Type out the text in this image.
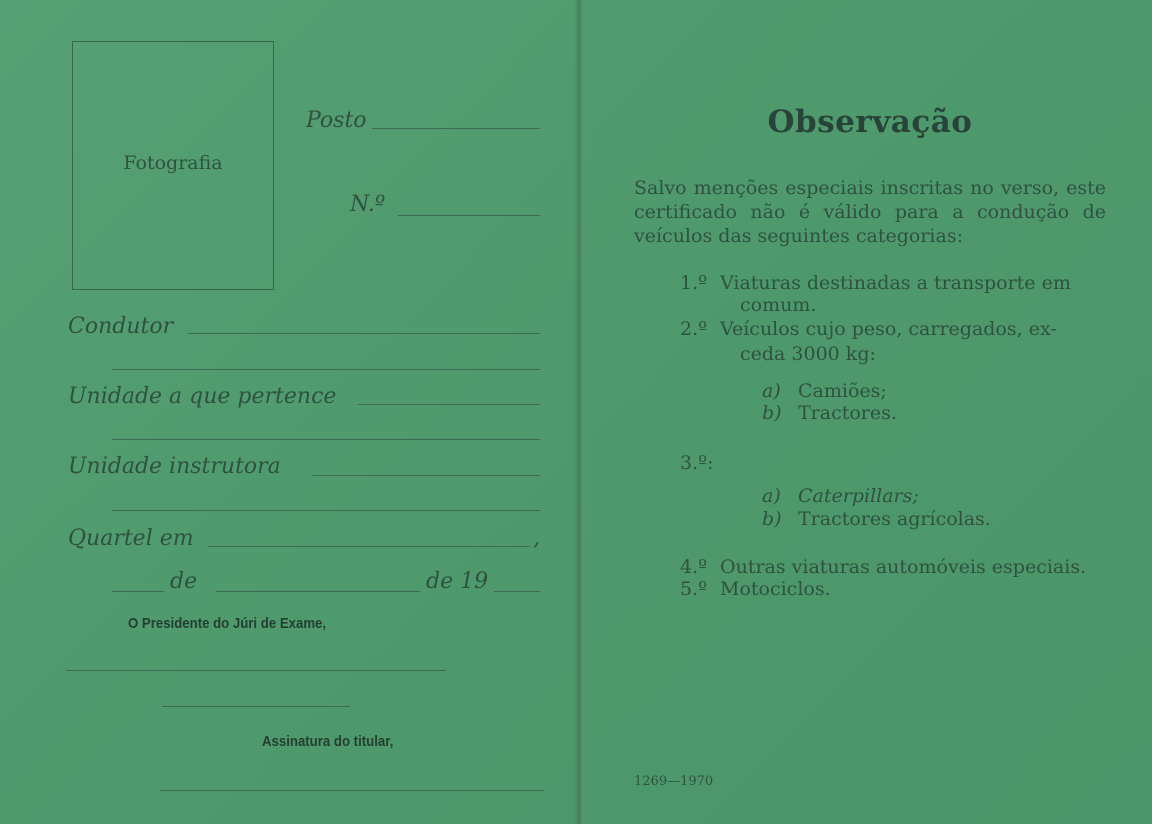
Fotografia
Posto
N.º
Condutor
Unidade a que pertence
Unidade instrutora
Quartel em	,
de	de 19
O Presidente do Júri de Exame,
Assinatura do titular,
Observação
Salvo menções especiais inscritas no verso, este certificado não é válido para a condução de veículos das seguintes categorias:
1.º Viaturas destinadas a transporte em
comum.
2.º Veículos cujo peso, carregados, ex-
ceda 3000 kg:
a) Camiões;
b) Tractores.
3.º:
a) Caterpillars;
b) Tractores agrícolas.
4.º Outras viaturas automóveis especiais.
5.º Motociclos.
1269—1970
